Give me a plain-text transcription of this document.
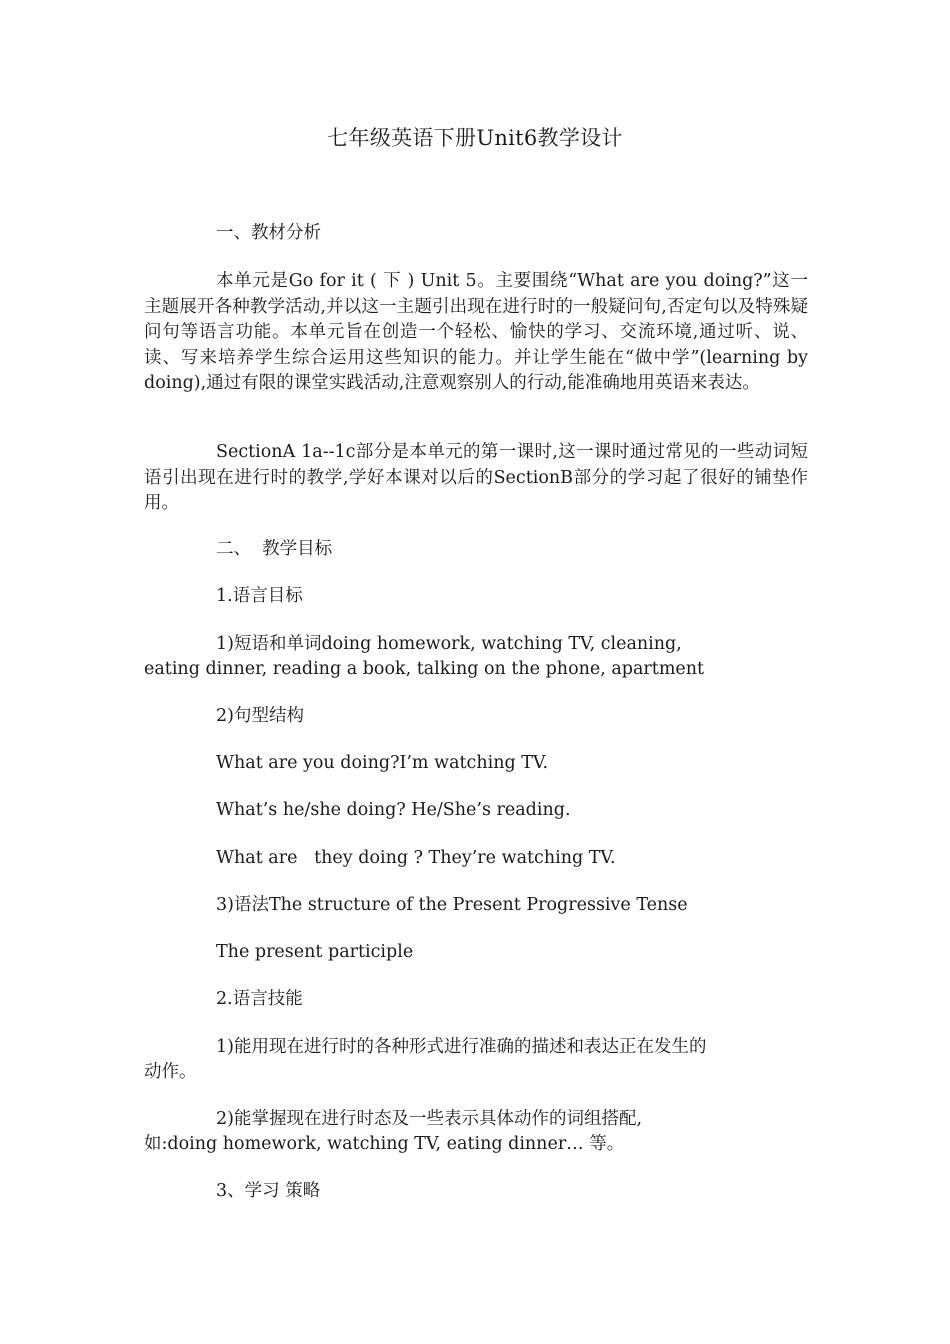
七年级英语下册Unit6教学设计
一、教材分析

本单元是Go for it ( 下 ) Unit 5。主要围绕“What are you doing?”这一主题展开各种教学活动,并以这一主题引出现在进行时的一般疑问句,否定句以及特殊疑问句等语言功能。本单元旨在创造一个轻松、愉快的学习、交流环境,通过听、说、读、写来培养学生综合运用这些知识的能力。并让学生能在“做中学”(learning by doing),通过有限的课堂实践活动,注意观察别人的行动,能准确地用英语来表达。

SectionA 1a--1c部分是本单元的第一课时,这一课时通过常见的一些动词短语引出现在进行时的教学,学好本课对以后的SectionB部分的学习起了很好的铺垫作用。

二、  教学目标
1.语言目标
1)短语和单词doing homework, watching TV, cleaning,
eating dinner, reading a book, talking on the phone, apartment
2)句型结构
What are you doing?I’m watching TV.
What’s he/she doing? He/She’s reading.
What are   they doing ? They’re watching TV.
3)语法The structure of the Present Progressive Tense
The present participle
2.语言技能
1)能用现在进行时的各种形式进行准确的描述和表达正在发生的
动作。
2)能掌握现在进行时态及一些表示具体动作的词组搭配,
如:doing homework, watching TV, eating dinner… 等。
3、学习 策略
